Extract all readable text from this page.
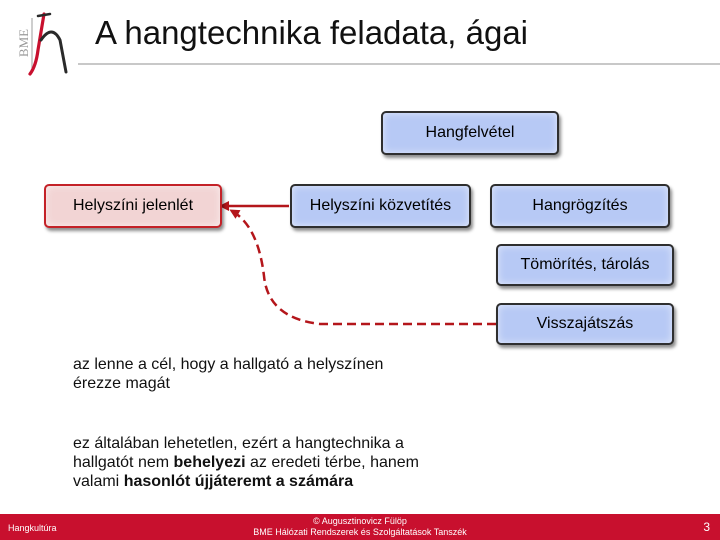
BME A hangtechnika feladata, ágai
Hangfelvétel
Helyszíni jelenlét	Helyszíni közvetítés	Hangrögzítés
Tömörítés, tárolás
Visszajátszás
az lenne a cél, hogy a hallgató a helyszínen
érezze magát
ez általában lehetetlen, ezért a hangtechnika a
hallgatót nem behelyezi az eredeti térbe, hanem
valami hasonlót újjáteremt a számára
Hangkultúra
© Augusztinovicz Fülöp
BME Hálózati Rendszerek és Szolgáltatások Tanszék	3
